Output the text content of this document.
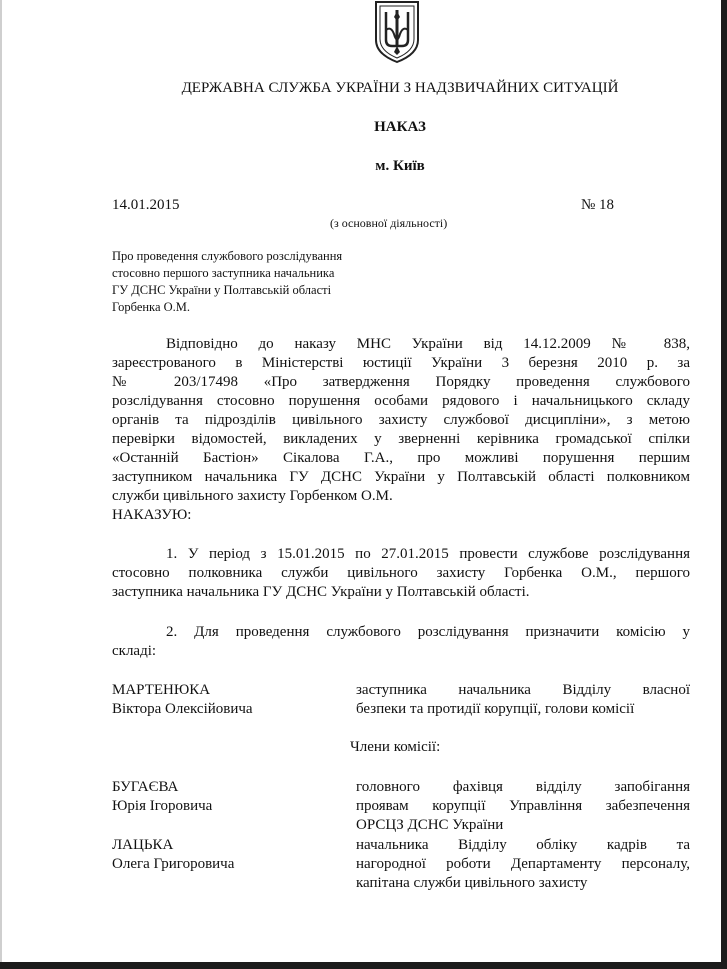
ДЕРЖАВНА СЛУЖБА УКРАЇНИ З НАДЗВИЧАЙНИХ СИТУАЦІЙ
НАКАЗ
м. Київ
14.01.2015	№ 18
(з основної діяльності)
Про проведення службового розслідування
стосовно першого заступника начальника
ГУ ДСНС України у Полтавській області
Горбенка О.М.
Відповідно до наказу МНС України від 14.12.2009 № 838,
зареєстрованого в Міністерстві юстиції України 3 березня 2010 р. за
№ 203/17498 «Про затвердження Порядку проведення службового
розслідування стосовно порушення особами рядового і начальницького складу
органів та підрозділів цивільного захисту службової дисципліни», з метою
перевірки відомостей, викладених у зверненні керівника громадської спілки
«Останній Бастіон» Сікалова Г.А., про можливі порушення першим
заступником начальника ГУ ДСНС України у Полтавській області полковником
служби цивільного захисту Горбенком О.М.
НАКАЗУЮ:
1. У період з 15.01.2015 по 27.01.2015 провести службове розслідування
стосовно полковника служби цивільного захисту Горбенка О.М., першого
заступника начальника ГУ ДСНС України у Полтавській області.
2. Для проведення службового розслідування призначити комісію у
складі:
МАРТЕНЮКА
Віктора Олексійовича
заступника начальника Відділу власної
безпеки та протидії корупції, голови комісії
Члени комісії:
БУГАЄВА
Юрія Ігоровича
головного фахівця відділу запобігання
проявам корупції Управління забезпечення
ОРСЦЗ ДСНС України
ЛАЦЬКА
Олега Григоровича
начальника Відділу обліку кадрів та
нагородної роботи Департаменту персоналу,
капітана служби цивільного захисту
